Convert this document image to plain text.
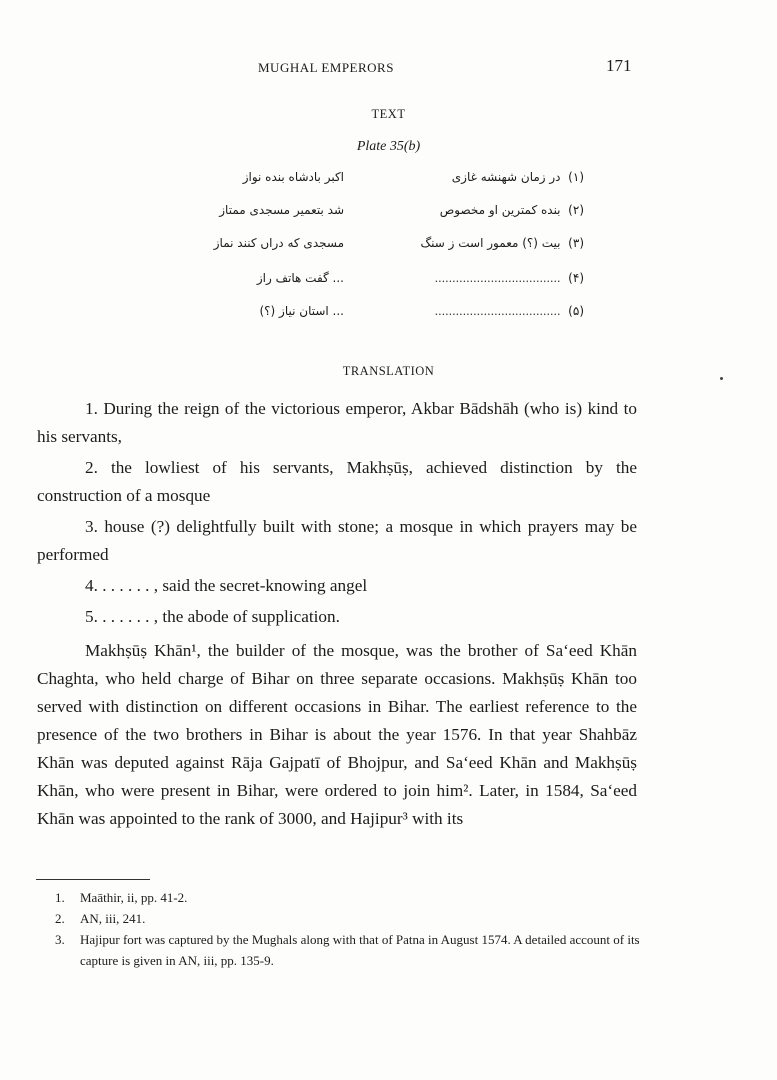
MUGHAL EMPERORS	171
TEXT
Plate 35(b)
(۱)  در زمان شهنشه غازی
اکبر بادشاه بنده نواز
(۲)  بنده کمترین او مخصوص
شد بتعمیر مسجدی ممتاز
(۳)  بیت (؟) معمور است ز سنگ
مسجدی که دراں کنند نماز
(۴)  ....................................
... گفت هاتف راز
(۵)  ....................................
... استان نیاز (؟)
TRANSLATION

1. During the reign of the victorious emperor, Akbar Bādshāh (who is) kind to his servants,

2. the lowliest of his servants, Makhṣūṣ, achieved distinction by the construction of a mosque

3. house (?) delightfully built with stone; a mosque in which prayers may be performed

4. . . . . . . , said the secret-knowing angel

5. . . . . . . , the abode of supplication.

Makhṣūṣ Khān¹, the builder of the mosque, was the brother of Sa‘eed Khān Chaghta, who held charge of Bihar on three separate occasions. Makhṣūṣ Khān too served with distinction on different occasions in Bihar. The earliest reference to the presence of the two brothers in Bihar is about the year 1576. In that year Shahbāz Khān was deputed against Rāja Gajpatī of Bhojpur, and Sa‘eed Khān and Makhṣūṣ Khān, who were present in Bihar, were ordered to join him². Later, in 1584, Sa‘eed Khān was appointed to the rank of 3000, and Hajipur³ with its

1. Maāthir, ii, pp. 41-2.
2. AN, iii, 241.
3. Hajipur fort was captured by the Mughals along with that of Patna in August 1574. A detailed account of its capture is given in AN, iii, pp. 135-9.
